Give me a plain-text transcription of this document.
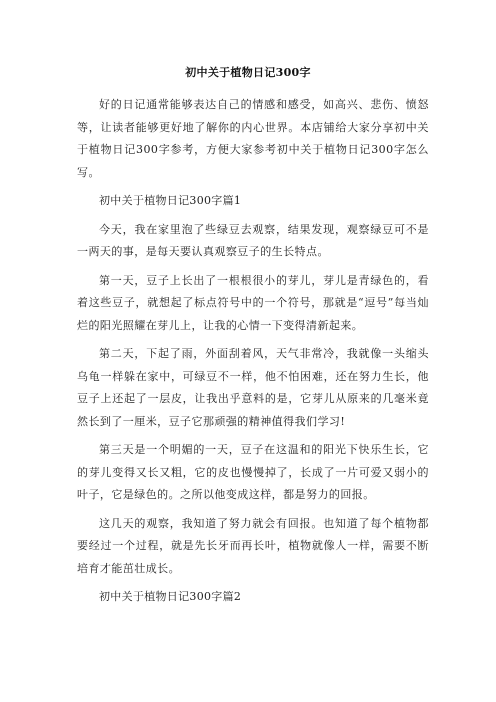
初中关于植物日记300字

好的日记通常能够表达自己的情感和感受，如高兴、悲伤、愤怒等，让读者能够更好地了解你的内心世界。本店铺给大家分享初中关于植物日记300字参考，方便大家参考初中关于植物日记300字怎么写。

初中关于植物日记300字篇1

今天，我在家里泡了些绿豆去观察，结果发现，观察绿豆可不是一两天的事，是每天要认真观察豆子的生长特点。

第一天，豆子上长出了一根根很小的芽儿，芽儿是青绿色的，看着这些豆子，就想起了标点符号中的一个符号，那就是“逗号”每当灿烂的阳光照耀在芽儿上，让我的心情一下变得清新起来。

第二天，下起了雨，外面刮着风，天气非常冷，我就像一头缩头乌龟一样躲在家中，可绿豆不一样，他不怕困难，还在努力生长，他豆子上还起了一层皮，让我出乎意料的是，它芽儿从原来的几毫米竟然长到了一厘米，豆子它那顽强的精神值得我们学习!

第三天是一个明媚的一天，豆子在这温和的阳光下快乐生长，它的芽儿变得又长又粗，它的皮也慢慢掉了，长成了一片可爱又弱小的叶子，它是绿色的。之所以他变成这样，都是努力的回报。

这几天的观察，我知道了努力就会有回报。也知道了每个植物都要经过一个过程，就是先长牙而再长叶，植物就像人一样，需要不断培育才能茁壮成长。

初中关于植物日记300字篇2
